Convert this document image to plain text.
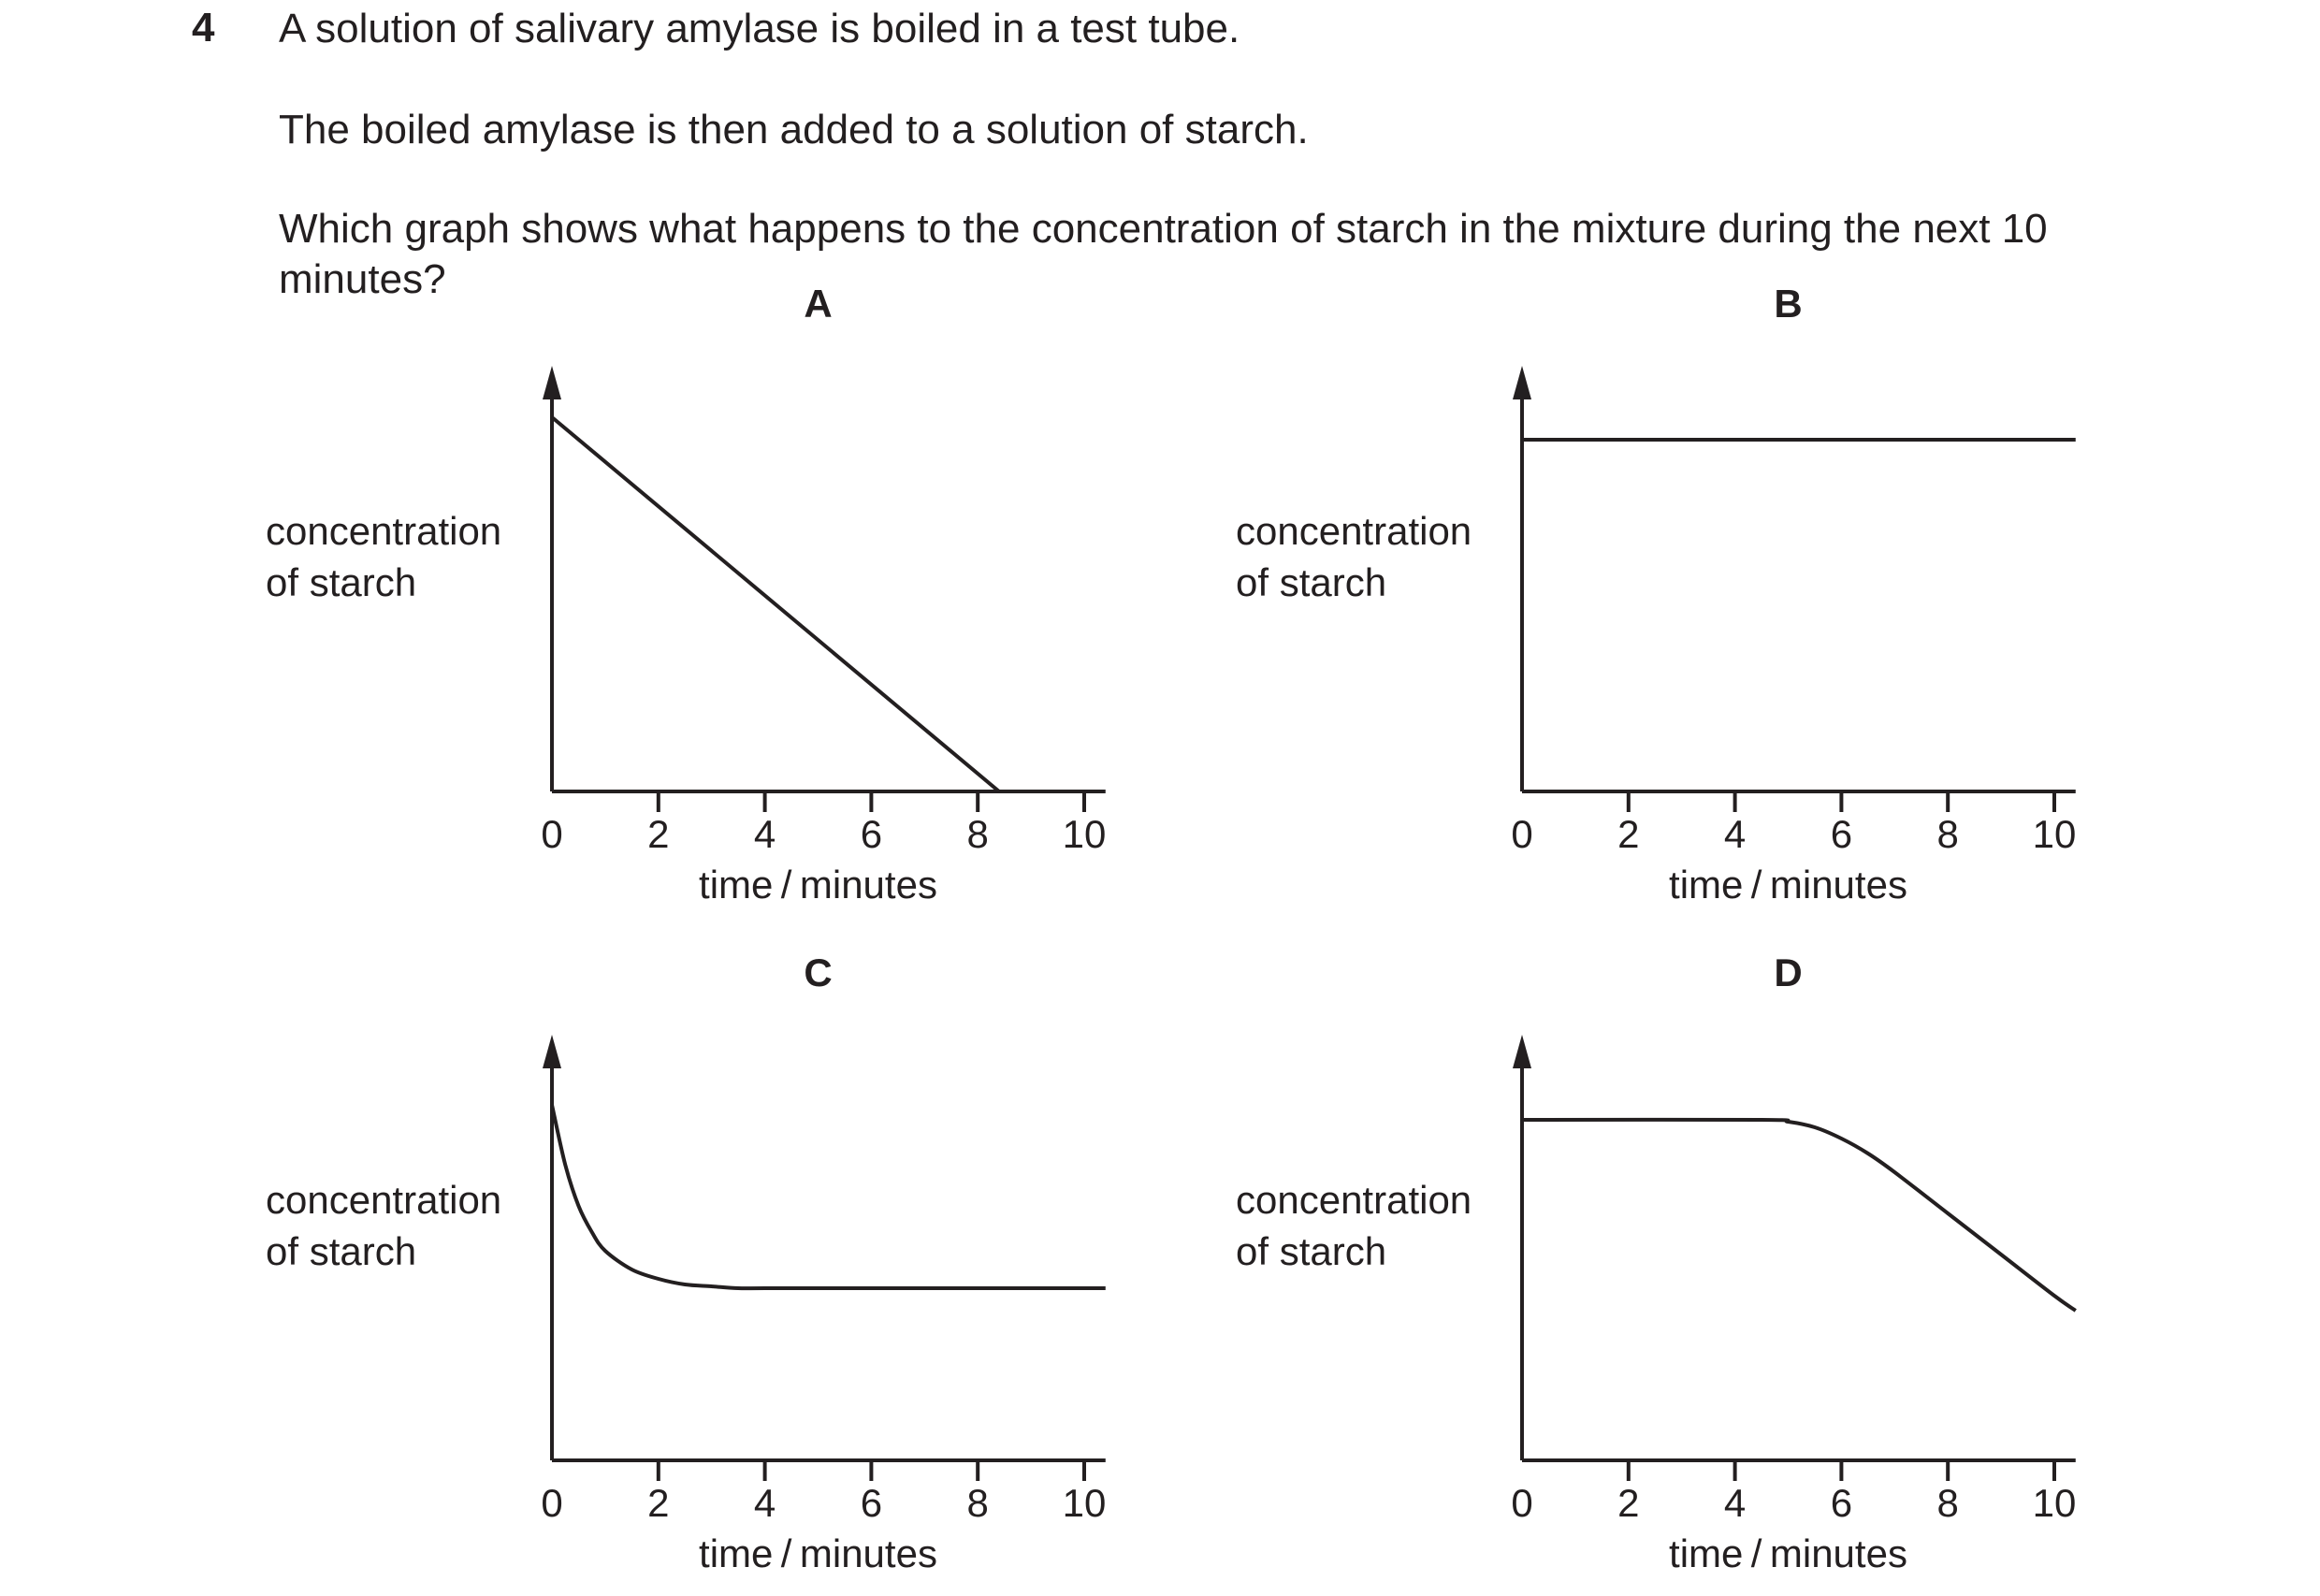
4 A solution of salivary amylase is boiled in a test tube.
The boiled amylase is then added to a solution of starch.
Which graph shows what happens to the concentration of starch in the mixture during the next 10
minutes?
A
0 2 4 6 8 10
time / minutes
concentration
of starch
B
0 2 4 6 8 10
time / minutes
concentration
of starch
C
0 2 4 6 8 10
time / minutes
concentration
of starch
D
0 2 4 6 8 10
time / minutes
concentration
of starch
